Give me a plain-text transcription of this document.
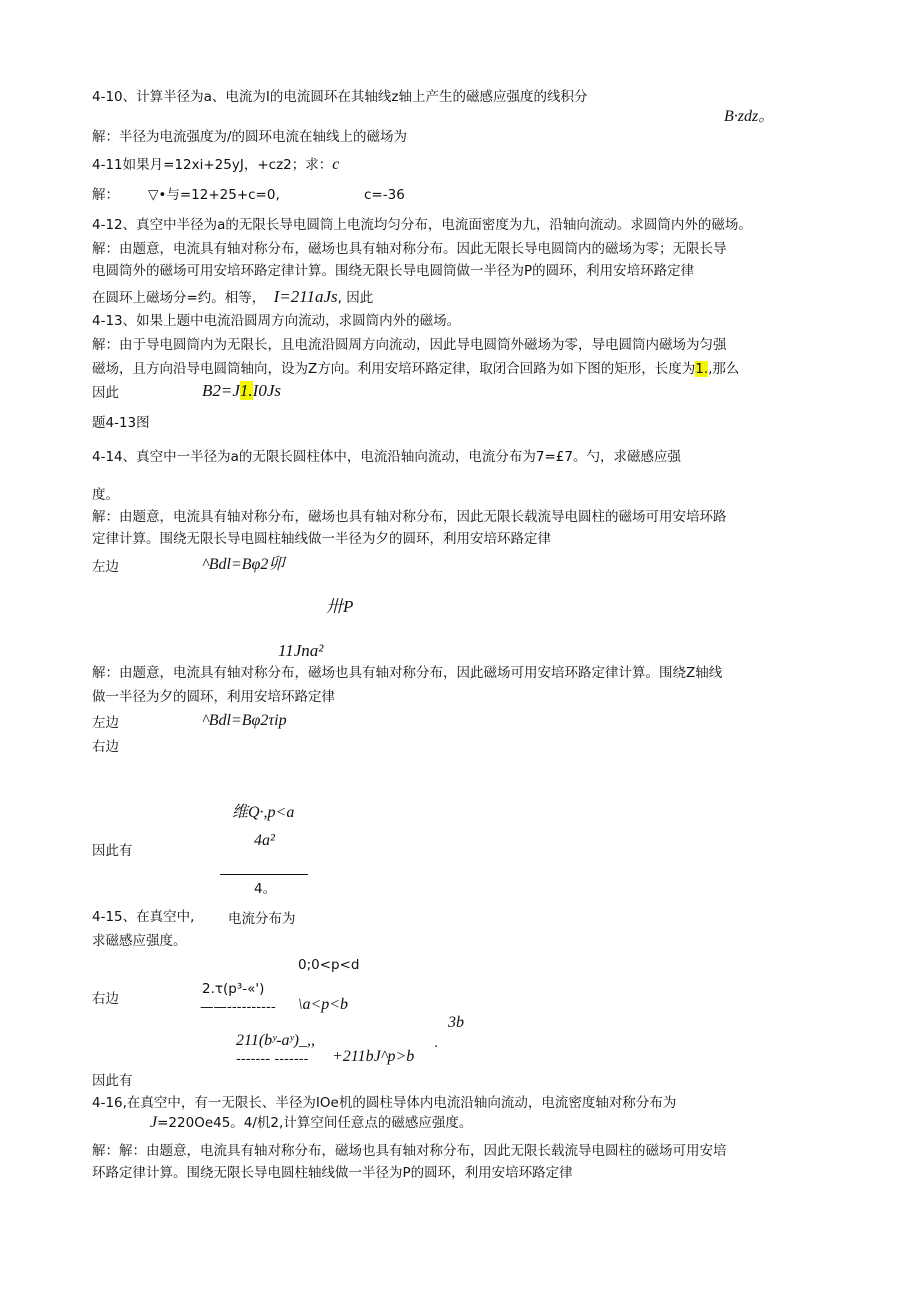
4-10、计算半径为a、电流为I的电流圆环在其轴线z轴上产生的磁感应强度的线积分
B·zdz。
解：半径为电流强度为/的圆环电流在轴线上的磁场为
4-11如果月=12xi+25yJ，+cz2；求：c
解： ▽•与=12+25+c=0,	c=-36
4-12、真空中半径为a的无限长导电圆筒上电流均匀分布，电流面密度为九，沿轴向流动。求圆筒内外的磁场。
解：由题意，电流具有轴对称分布，磁场也具有轴对称分布。因此无限长导电圆筒内的磁场为零；无限长导
电圆筒外的磁场可用安培环路定律计算。围绕无限长导电圆筒做一半径为P的圆环，利用安培环路定律
在圆环上磁场分=约。相等， I=211aJs, 因此
4-13、如果上题中电流沿圆周方向流动，求圆筒内外的磁场。
解：由于导电圆筒内为无限长，且电流沿圆周方向流动，因此导电圆筒外磁场为零，导电圆筒内磁场为匀强
磁场，且方向沿导电圆筒轴向，设为Z方向。利用安培环路定律，取闭合回路为如下图的矩形，长度为1.,那么
因此	B2=J1.I0Js
题4-13图
4-14、真空中一半径为a的无限长圆柱体中，电流沿轴向流动，电流分布为7=£7。勺，求磁感应强
度。
解：由题意，电流具有轴对称分布，磁场也具有轴对称分布，因此无限长载流导电圆柱的磁场可用安培环路
定律计算。围绕无限长导电圆柱轴线做一半径为夕的圆环，利用安培环路定律
左边	^Bdl=Bφ2卯
卅P
11Jna²
解：由题意，电流具有轴对称分布，磁场也具有轴对称分布，因此磁场可用安培环路定律计算。围绕Z轴线
做一半径为夕的圆环，利用安培环路定律
左边	^Bdl=Bφ2τip
右边
维Q·,p<a
4a²
因此有
4。
4-15、在真空中, 电流分布为
求磁感应强度。
0;0<p<d
右边
2.τ(p³-«')
——---------- \a<p<b
3b
211(bʸ-aʸ)_,,
------- ------- +211bJ^p>b
.
因此有
4-16,在真空中，有一无限长、半径为IOe机的圆柱导体内电流沿轴向流动，电流密度轴对称分布为
J=220Oe45。4/机2,计算空间任意点的磁感应强度。
解：解：由题意，电流具有轴对称分布，磁场也具有轴对称分布，因此无限长载流导电圆柱的磁场可用安培
环路定律计算。围绕无限长导电圆柱轴线做一半径为P的圆环，利用安培环路定律
